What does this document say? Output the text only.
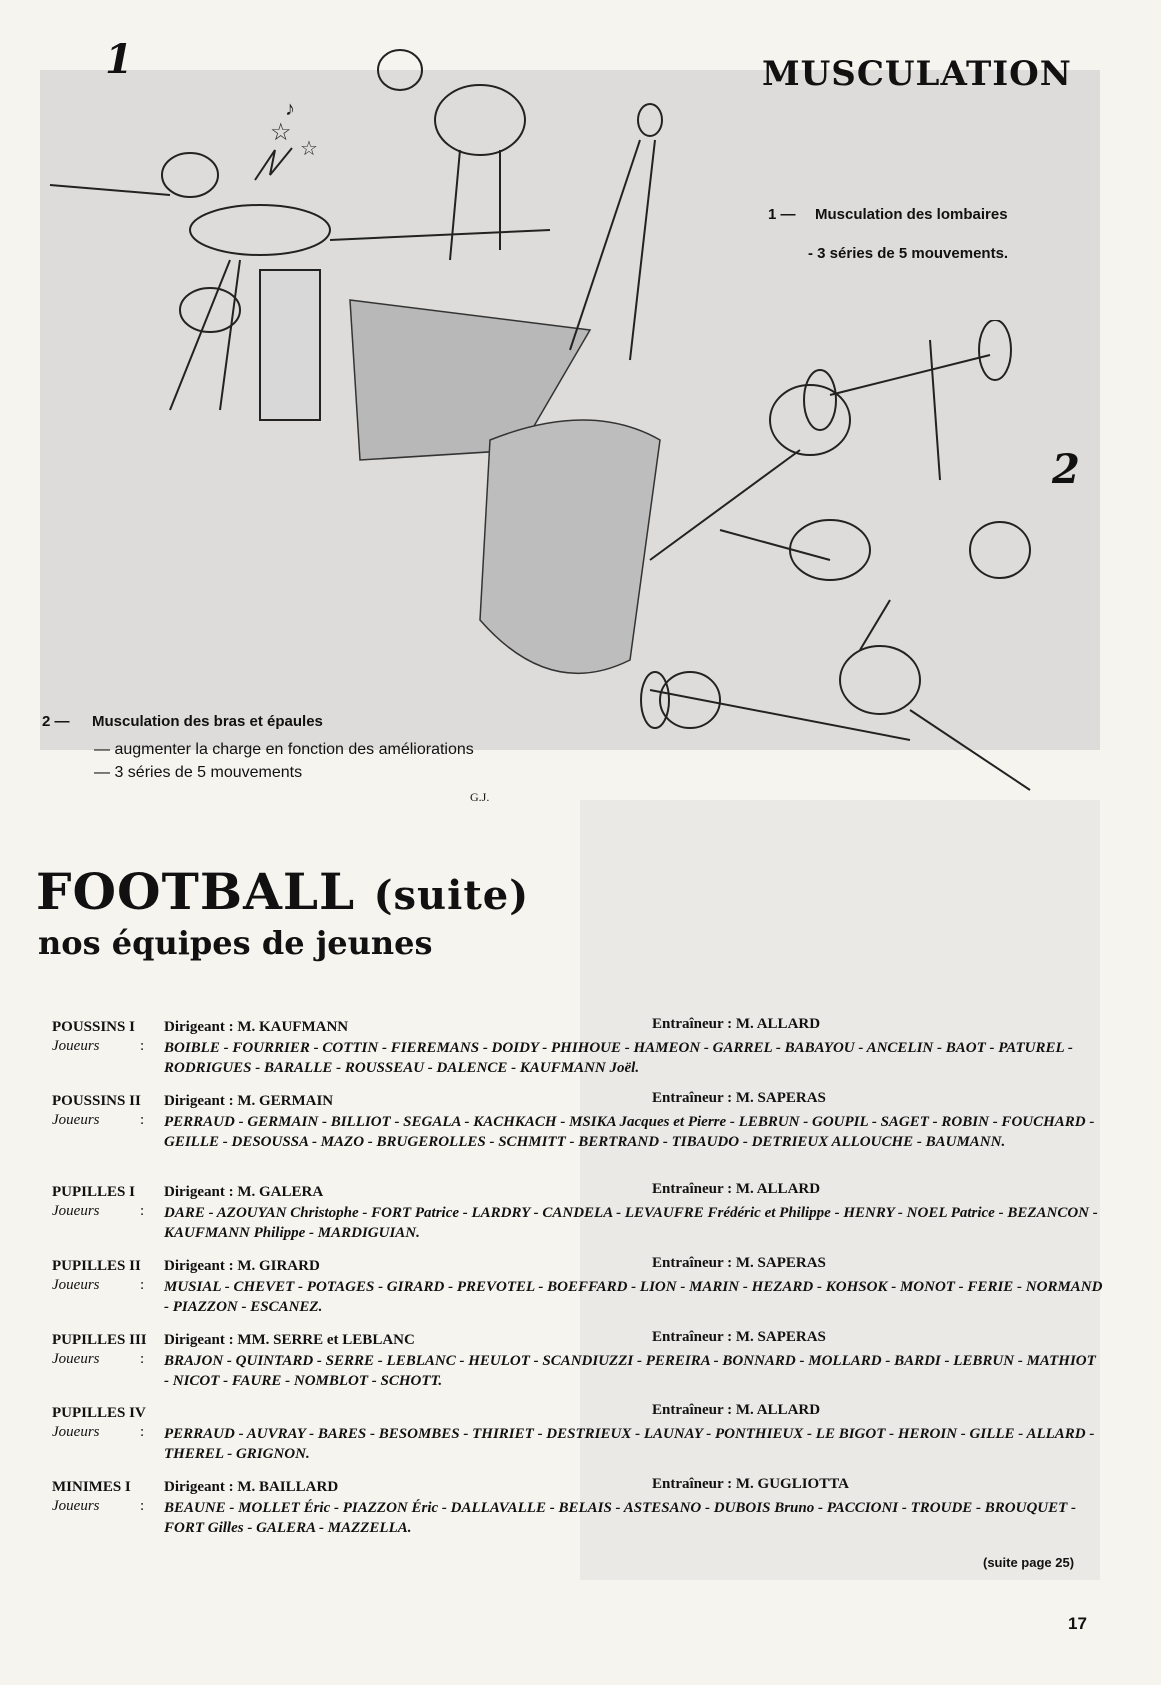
1
☆
☆
♪
MUSCULATION
1 — Musculation des lombaires
- 3 séries de 5 mouvements.
2
2 — Musculation des bras et épaules
— augmenter la charge en fonction des améliorations
— 3 séries de 5 mouvements
G.J.
FOOTBALL (suite)
nos équipes de jeunes
POUSSINS I Dirigeant : M. KAUFMANN	Entraîneur : M. ALLARD
Joueurs	: BOIBLE - FOURRIER - COTTIN - FIEREMANS - DOIDY - PHIHOUE - HAMEON - GARREL - BABAYOU - ANCELIN - BAOT - PATUREL - RODRIGUES - BARALLE - ROUSSEAU - DALENCE - KAUFMANN Joël.
POUSSINS II Dirigeant : M. GERMAIN	Entraîneur : M. SAPERAS
Joueurs	: PERRAUD - GERMAIN - BILLIOT - SEGALA - KACHKACH - MSIKA Jacques et Pierre - LEBRUN - GOUPIL - SAGET - ROBIN - FOUCHARD - GEILLE - DESOUSSA - MAZO - BRUGEROLLES - SCHMITT - BERTRAND - TIBAUDO - DETRIEUX ALLOUCHE - BAUMANN.
PUPILLES I Dirigeant : M. GALERA	Entraîneur : M. ALLARD
Joueurs	: DARE - AZOUYAN Christophe - FORT Patrice - LARDRY - CANDELA - LEVAUFRE Frédéric et Philippe - HENRY - NOEL Patrice - BEZANCON - KAUFMANN Philippe - MARDIGUIAN.
PUPILLES II Dirigeant : M. GIRARD	Entraîneur : M. SAPERAS
Joueurs	: MUSIAL - CHEVET - POTAGES - GIRARD - PREVOTEL - BOEFFARD - LION - MARIN - HEZARD - KOHSOK - MONOT - FERIE - NORMAND - PIAZZON - ESCANEZ.
PUPILLES III Dirigeant : MM. SERRE et LEBLANC	Entraîneur : M. SAPERAS
Joueurs	: BRAJON - QUINTARD - SERRE - LEBLANC - HEULOT - SCANDIUZZI - PEREIRA - BONNARD - MOLLARD - BARDI - LEBRUN - MATHIOT - NICOT - FAURE - NOMBLOT - SCHOTT.
PUPILLES IV	Entraîneur : M. ALLARD
Joueurs	: PERRAUD - AUVRAY - BARES - BESOMBES - THIRIET - DESTRIEUX - LAUNAY - PONTHIEUX - LE BIGOT - HEROIN - GILLE - ALLARD - THEREL - GRIGNON.
MINIMES I Dirigeant : M. BAILLARD	Entraîneur : M. GUGLIOTTA
Joueurs	: BEAUNE - MOLLET Éric - PIAZZON Éric - DALLAVALLE - BELAIS - ASTESANO - DUBOIS Bruno - PACCIONI - TROUDE - BROUQUET - FORT Gilles - GALERA - MAZZELLA.
(suite page 25)
17
